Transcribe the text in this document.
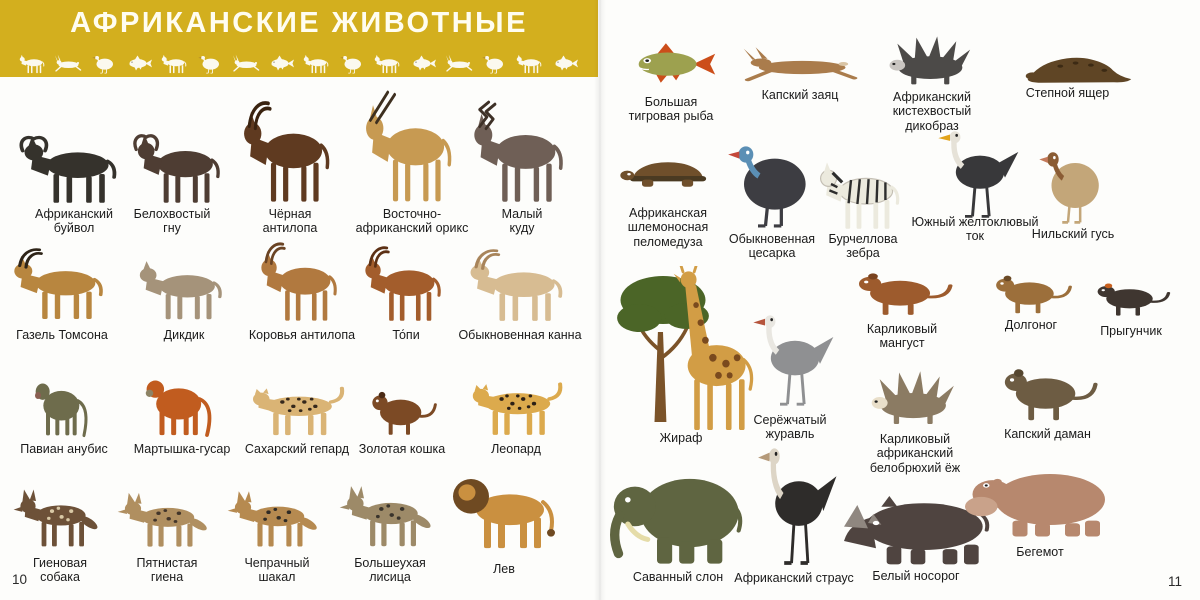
АФРИКАНСКИЕ ЖИВОТНЫЕ
10	11
Африканский буйвол
Белохвостый гну
Чёрная антилопа
Восточно-африканский орикс
Малый куду
Газель Томсона	Дикдик	Коровья антилопа	То́пи	Обыкновенная канна
Павиан анубис	Мартышка-гусар	Сахарский гепард Золотая кошка	Леопард
Гиеновая собака
Пятнистая гиена
Чепрачный шакал
Большеухая лисица
Лев
Большая тигровая рыба
Капский заяц	Африканский кистехвостый дикобраз
Степной ящер
Африканская шлемоносная пеломедуза	Обыкновенная цесарка
Бурчеллова зебра
Южный желтоклювый ток	Нильский гусь
Карликовый мангуст
Долгоног	Прыгунчик
Жираф
Серёжчатый журавль	Карликовый африканский белобрюхий ёж
Капский даман
Саванный слон Африканский страус	Белый носорог
Бегемот
